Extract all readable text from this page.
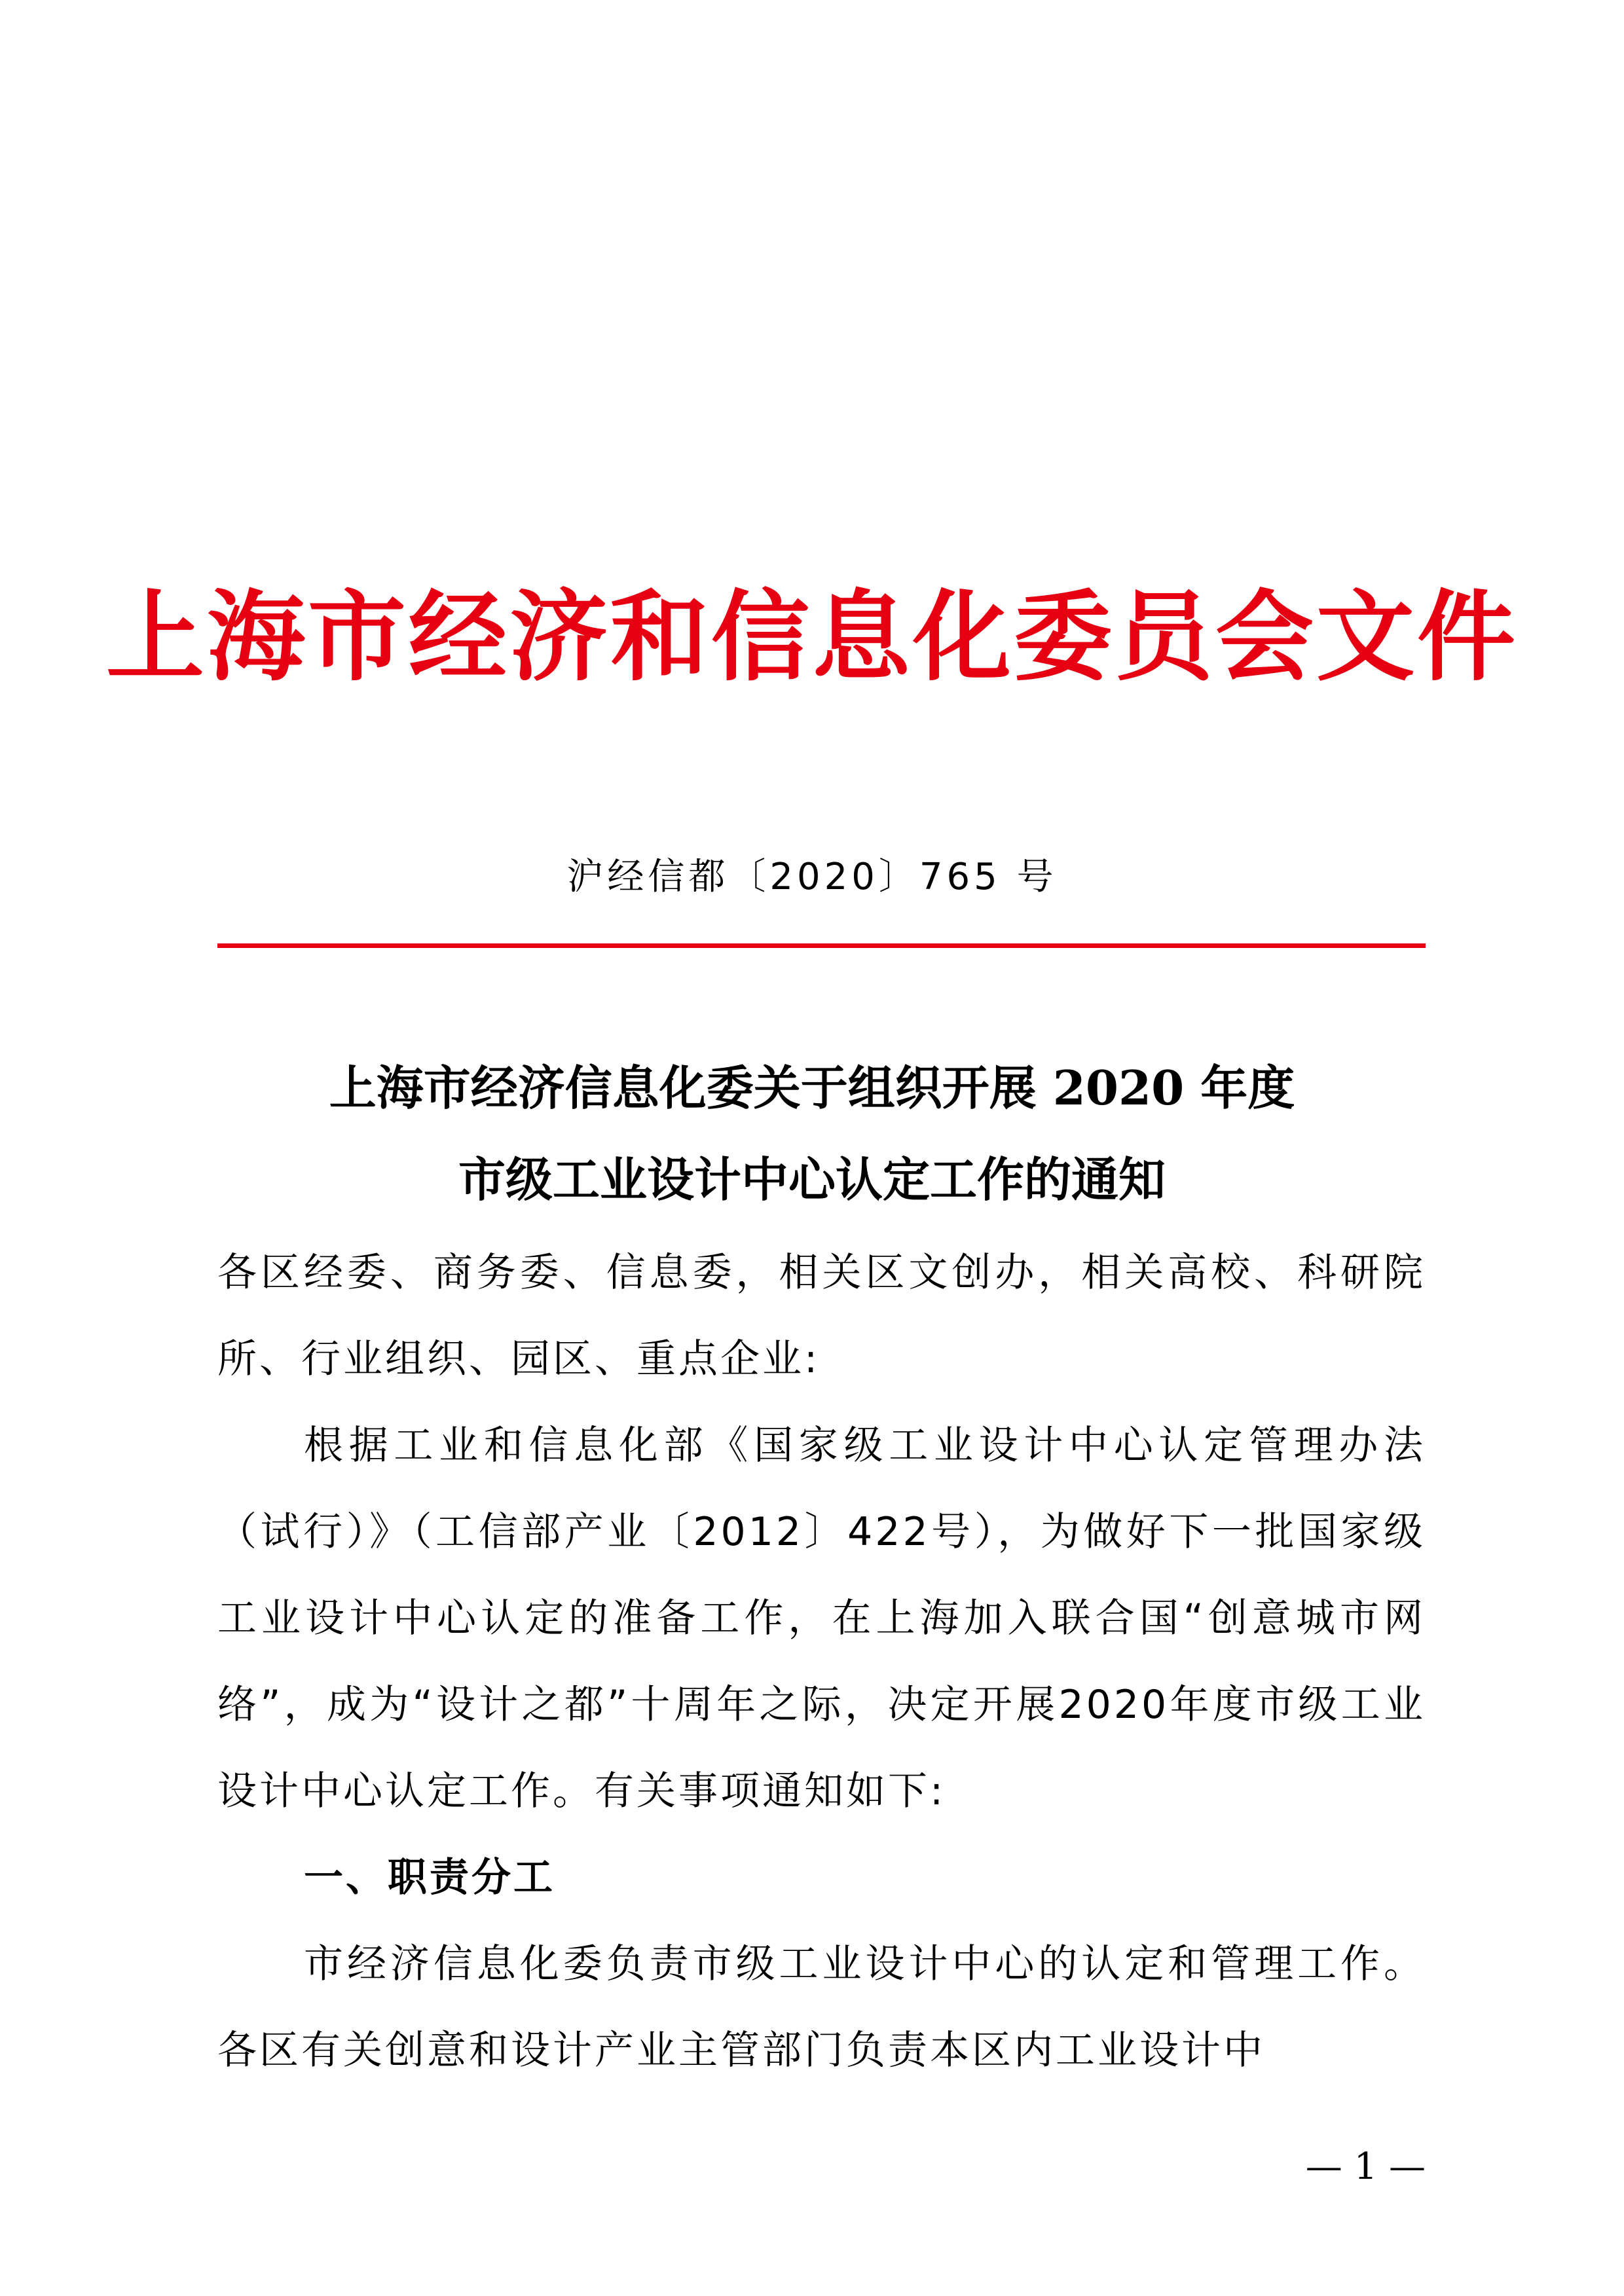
上海市经济和信息化委员会文件
沪经信都〔2020〕765 号
上海市经济信息化委关于组织开展 2020 年度
市级工业设计中心认定工作的通知

各区经委、商务委、信息委，相关区文创办，相关高校、科研院所、行业组织、园区、重点企业:

根据工业和信息化部《国家级工业设计中心认定管理办法（试行）》（工信部产业〔2012〕422号），为做好下一批国家级工业设计中心认定的准备工作，在上海加入联合国“创意城市网络”，成为“设计之都”十周年之际，决定开展2020年度市级工业设计中心认定工作。有关事项通知如下:

一、职责分工

市经济信息化委负责市级工业设计中心的认定和管理工作。各区有关创意和设计产业主管部门负责本区内工业设计中

— 1 —
